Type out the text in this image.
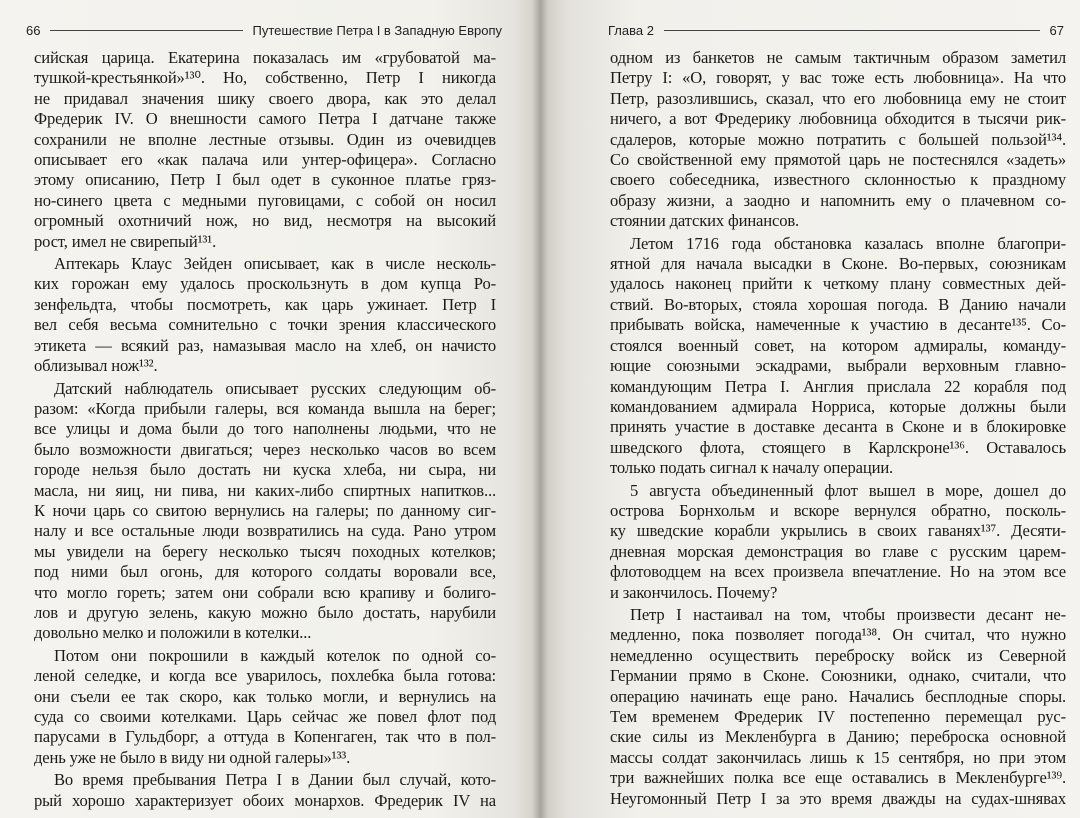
66	Путешествие Петра I в Западную Европу
сийская царица. Екатерина показалась им «грубоватой ма-
тушкой-крестьянкой»¹³⁰. Но, собственно, Петр I никогда
не придавал значения шику своего двора, как это делал
Фредерик IV. О внешности самого Петра I датчане также
сохранили не вполне лестные отзывы. Один из очевидцев
описывает его «как палача или унтер-офицера». Согласно
этому описанию, Петр I был одет в суконное платье гряз-
но-синего цвета с медными пуговицами, с собой он носил
огромный охотничий нож, но вид, несмотря на высокий
рост, имел не свирепый¹³¹.
Аптекарь Клаус Зейден описывает, как в числе несколь-
ких горожан ему удалось проскользнуть в дом купца Ро-
зенфельдта, чтобы посмотреть, как царь ужинает. Петр I
вел себя весьма сомнительно с точки зрения классического
этикета — всякий раз, намазывая масло на хлеб, он начисто
облизывал нож¹³².
Датский наблюдатель описывает русских следующим об-
разом: «Когда прибыли галеры, вся команда вышла на берег;
все улицы и дома были до того наполнены людьми, что не
было возможности двигаться; через несколько часов во всем
городе нельзя было достать ни куска хлеба, ни сыра, ни
масла, ни яиц, ни пива, ни каких-либо спиртных напитков...
К ночи царь со свитою вернулись на галеры; по данному сиг-
налу и все остальные люди возвратились на суда. Рано утром
мы увидели на берегу несколько тысяч походных котелков;
под ними был огонь, для которого солдаты воровали все,
что могло гореть; затем они собрали всю крапиву и болиго-
лов и другую зелень, какую можно было достать, нарубили
довольно мелко и положили в котелки...
Потом они покрошили в каждый котелок по одной со-
леной селедке, и когда все уварилось, похлебка была готова:
они съели ее так скоро, как только могли, и вернулись на
суда со своими котелками. Царь сейчас же повел флот под
парусами в Гульдборг, а оттуда в Копенгаген, так что в пол-
день уже не было в виду ни одной галеры»¹³³.
Во время пребывания Петра I в Дании был случай, кото-
рый хорошо характеризует обоих монархов. Фредерик IV на
Глава 2	67
одном из банкетов не самым тактичным образом заметил
Петру I: «О, говорят, у вас тоже есть любовница». На что
Петр, разозлившись, сказал, что его любовница ему не стоит
ничего, а вот Фредерику любовница обходится в тысячи рик-
сдалеров, которые можно потратить с большей пользой¹³⁴.
Со свойственной ему прямотой царь не постеснялся «задеть»
своего собеседника, известного склонностью к праздному
образу жизни, а заодно и напомнить ему о плачевном со-
стоянии датских финансов.
Летом 1716 года обстановка казалась вполне благопри-
ятной для начала высадки в Сконе. Во-первых, союзникам
удалось наконец прийти к четкому плану совместных дей-
ствий. Во-вторых, стояла хорошая погода. В Данию начали
прибывать войска, намеченные к участию в десанте¹³⁵. Со-
стоялся военный совет, на котором адмиралы, команду-
ющие союзными эскадрами, выбрали верховным главно-
командующим Петра I. Англия прислала 22 корабля под
командованием адмирала Норриса, которые должны были
принять участие в доставке десанта в Сконе и в блокировке
шведского флота, стоящего в Карлскроне¹³⁶. Оставалось
только подать сигнал к началу операции.
5 августа объединенный флот вышел в море, дошел до
острова Борнхольм и вскоре вернулся обратно, посколь-
ку шведские корабли укрылись в своих гаванях¹³⁷. Десяти-
дневная морская демонстрация во главе с русским царем-
флотоводцем на всех произвела впечатление. Но на этом все
и закончилось. Почему?
Петр I настаивал на том, чтобы произвести десант не-
медленно, пока позволяет погода¹³⁸. Он считал, что нужно
немедленно осуществить переброску войск из Северной
Германии прямо в Сконе. Союзники, однако, считали, что
операцию начинать еще рано. Начались бесплодные споры.
Тем временем Фредерик IV постепенно перемещал рус-
ские силы из Мекленбурга в Данию; переброска основной
массы солдат закончилась лишь к 15 сентября, но при этом
три важнейших полка все еще оставались в Мекленбурге¹³⁹.
Неугомонный Петр I за это время дважды на судах-шнявах
